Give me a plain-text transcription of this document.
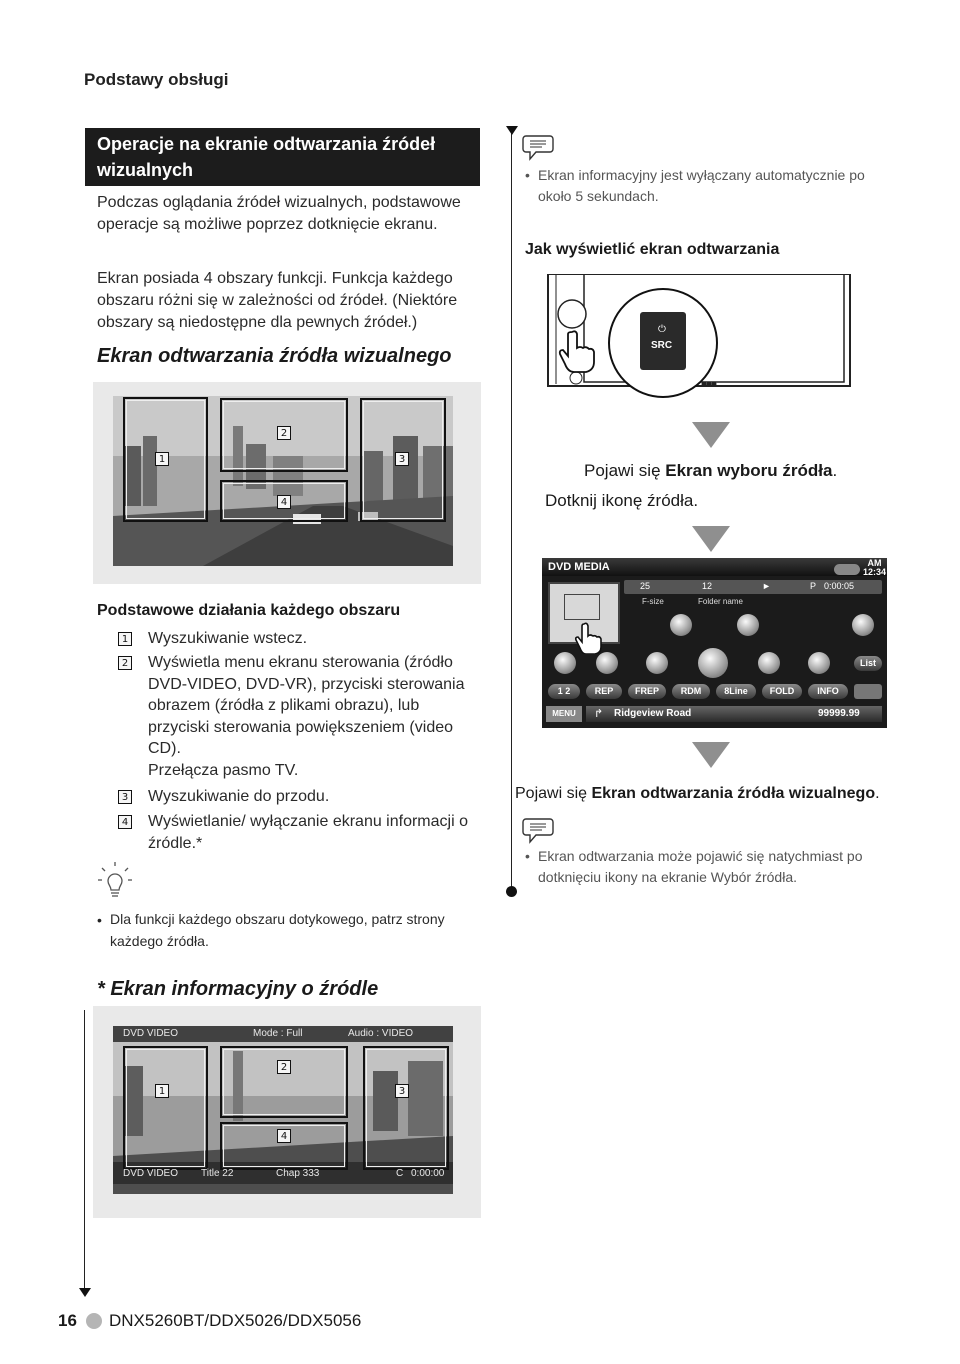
Podstawy obsługi
Operacje na ekranie odtwarzania źródeł wizualnych
Podczas oglądania źródeł wizualnych, podstawowe operacje są możliwe poprzez dotknięcie ekranu.
Ekran posiada 4 obszary funkcji. Funkcja każdego obszaru różni się w zależności od źródeł. (Niektóre obszary są niedostępne dla pewnych źródeł.)
Ekran odtwarzania źródła wizualnego
1
2
3
4
Podstawowe działania każdego obszaru
1 Wyszukiwanie wstecz.
2 Wyświetla menu ekranu sterowania (źródło DVD-VIDEO, DVD-VR), przyciski sterowania obrazem (źródła z plikami obrazu), lub przyciski sterowania powiększeniem (video CD).
Przełącza pasmo TV.
3 Wyszukiwanie do przodu.
4 Wyświetlanie/ wyłączanie ekranu informacji o źródle.*
• Dla funkcji każdego obszaru dotykowego, patrz strony każdego źródła.
* Ekran informacyjny o źródle
DVD VIDEO	Mode : Full	Audio : VIDEO
1
2
3
4
DVD VIDEO Title 22	Chap 333	C 0:00:00
• Ekran informacyjny jest wyłączany automatycznie po około 5 sekundach.
Jak wyświetlić ekran odtwarzania
⏻
SRC
Pojawi się Ekran wyboru źródła.
Dotknij ikonę źródła.
DVD MEDIA	AM
12:34
25	12	►	P 0:00:05
F-size	Folder name
List
1 2	REP	FREP	RDM	8Line	FOLD	INFO
MENU	↱ Ridgeview Road	99999.99
Pojawi się Ekran odtwarzania źródła wizualnego.
• Ekran odtwarzania może pojawić się natychmiast po dotknięciu ikony na ekranie Wybór źródła.
16 DNX5260BT/DDX5026/DDX5056
